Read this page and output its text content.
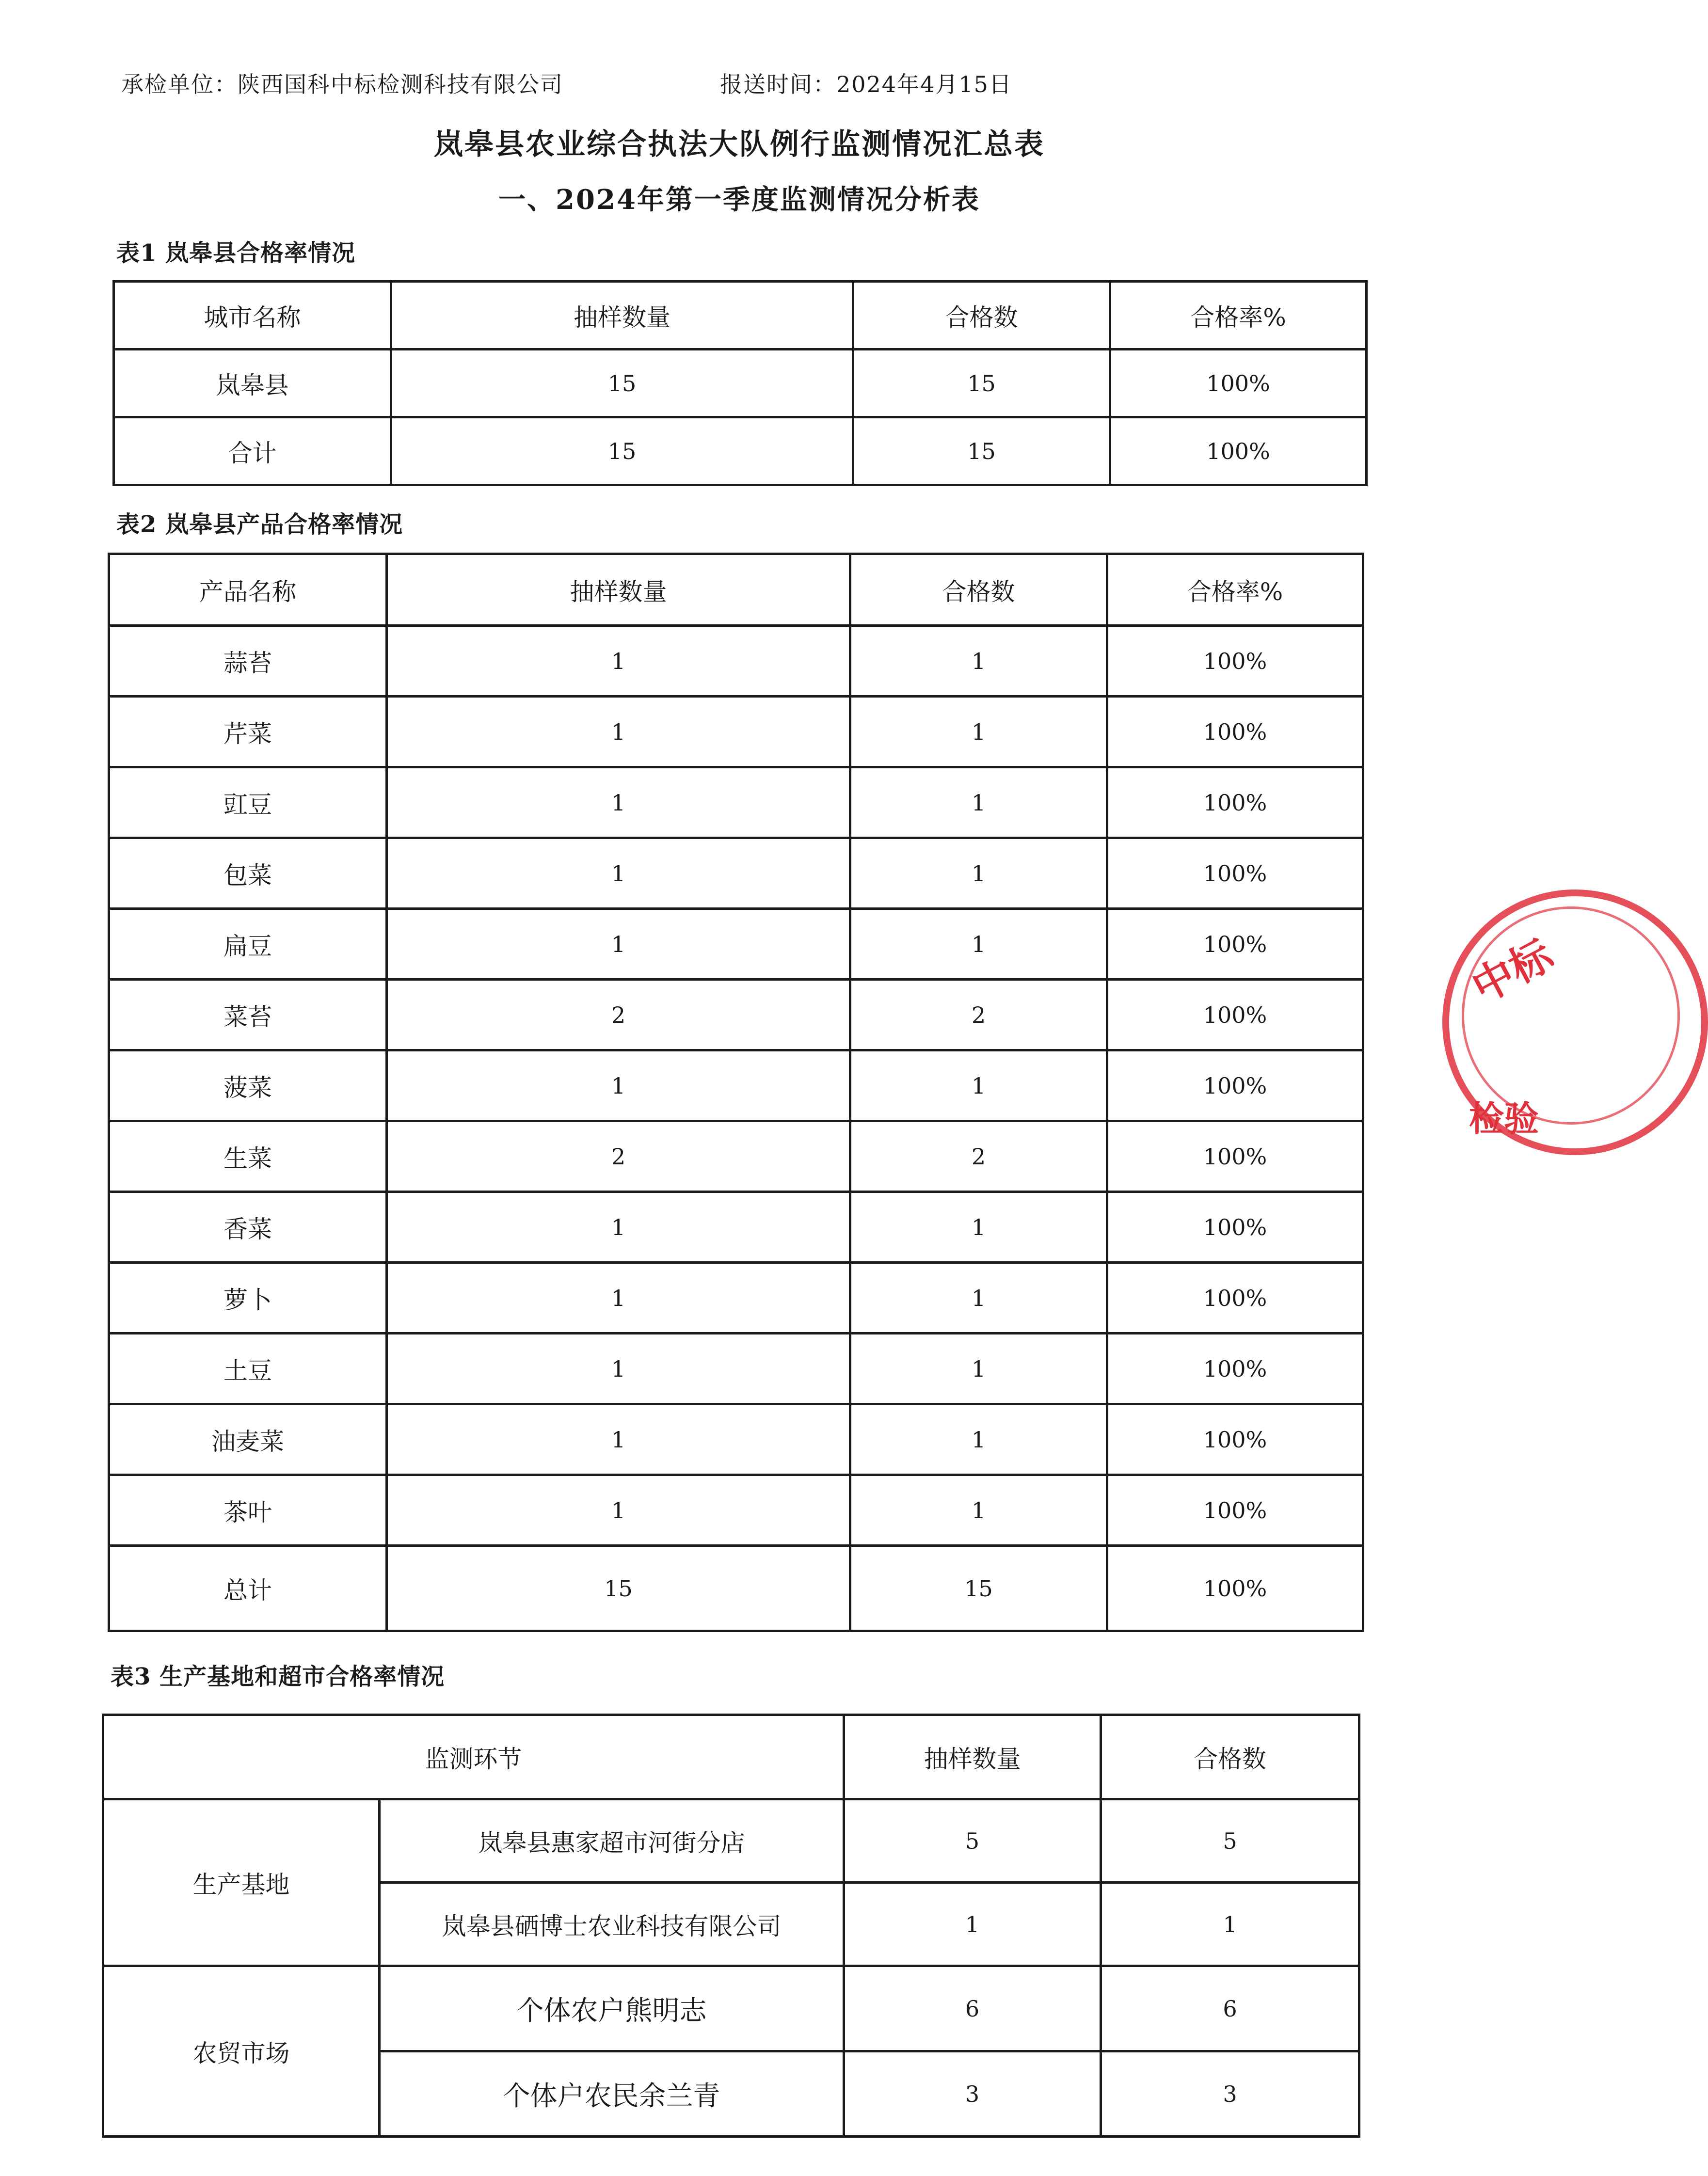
承检单位：陕西国科中标检测科技有限公司	报送时间：2024年4月15日
岚皋县农业综合执法大队例行监测情况汇总表
一、2024年第一季度监测情况分析表
表1 岚皋县合格率情况
城市名称	抽样数量	合格数	合格率%
岚皋县	15	15	100%
合计	15	15	100%
表2 岚皋县产品合格率情况
产品名称	抽样数量	合格数	合格率%
蒜苔	1	1	100%
芹菜	1	1	100%
豇豆	1	1	100%
包菜	1	1	100%
扁豆	1	1	100%
菜苔	2	2	100%
菠菜	1	1	100%
生菜	2	2	100%
香菜	1	1	100%
萝卜	1	1	100%
土豆	1	1	100%
油麦菜	1	1	100%
茶叶	1	1	100%
总计	15	15	100%
表3 生产基地和超市合格率情况
监测环节		抽样数量	合格数
生产基地	岚皋县惠家超市河街分店	5	5
	岚皋县硒博士农业科技有限公司	1	1
农贸市场	个体农户熊明志	6	6
	个体户农民余兰青	3	3
中标
检验
